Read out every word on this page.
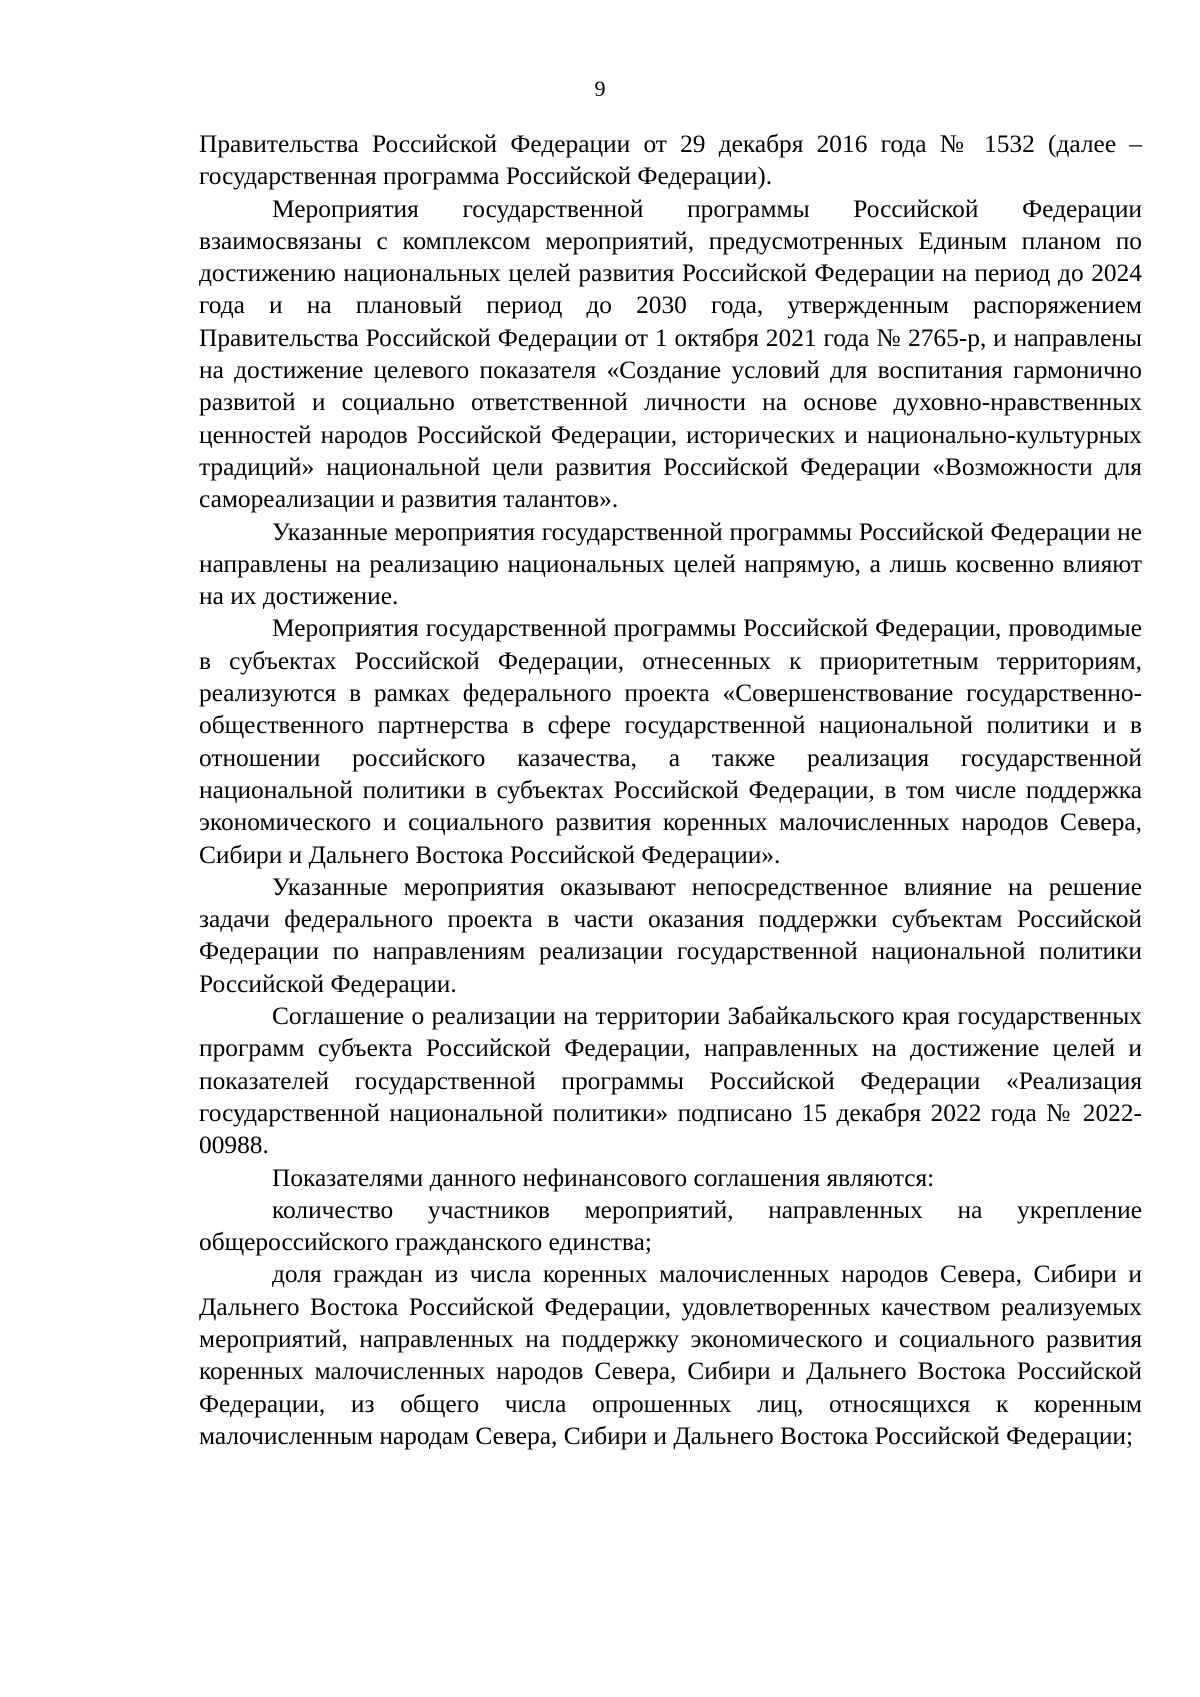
9

Правительства Российской Федерации от 29 декабря 2016 года № 1532 (далее – государственная программа Российской Федерации).

Мероприятия государственной программы Российской Федерации взаимосвязаны с комплексом мероприятий, предусмотренных Единым планом по достижению национальных целей развития Российской Федерации на период до 2024 года и на плановый период до 2030 года, утвержденным распоряжением Правительства Российской Федерации от 1 октября 2021 года № 2765-р, и направлены на достижение целевого показателя «Создание условий для воспитания гармонично развитой и социально ответственной личности на основе духовно-нравственных ценностей народов Российской Федерации, исторических и национально-культурных традиций» национальной цели развития Российской Федерации «Возможности для самореализации и развития талантов».

Указанные мероприятия государственной программы Российской Федерации не направлены на реализацию национальных целей напрямую, а лишь косвенно влияют на их достижение.

Мероприятия государственной программы Российской Федерации, проводимые в субъектах Российской Федерации, отнесенных к приоритетным территориям, реализуются в рамках федерального проекта «Совершенствование государственно-общественного партнерства в сфере государственной национальной политики и в отношении российского казачества, а также реализация государственной национальной политики в субъектах Российской Федерации, в том числе поддержка экономического и социального развития коренных малочисленных народов Севера, Сибири и Дальнего Востока Российской Федерации».

Указанные мероприятия оказывают непосредственное влияние на решение задачи федерального проекта в части оказания поддержки субъектам Российской Федерации по направлениям реализации государственной национальной политики Российской Федерации.

Соглашение о реализации на территории Забайкальского края государственных программ субъекта Российской Федерации, направленных на достижение целей и показателей государственной программы Российской Федерации «Реализация государственной национальной политики» подписано 15 декабря 2022 года № 2022-00988.

Показателями данного нефинансового соглашения являются:

количество участников мероприятий, направленных на укрепление общероссийского гражданского единства;

доля граждан из числа коренных малочисленных народов Севера, Сибири и Дальнего Востока Российской Федерации, удовлетворенных качеством реализуемых мероприятий, направленных на поддержку экономического и социального развития коренных малочисленных народов Севера, Сибири и Дальнего Востока Российской Федерации, из общего числа опрошенных лиц, относящихся к коренным малочисленным народам Севера, Сибири и Дальнего Востока Российской Федерации;
